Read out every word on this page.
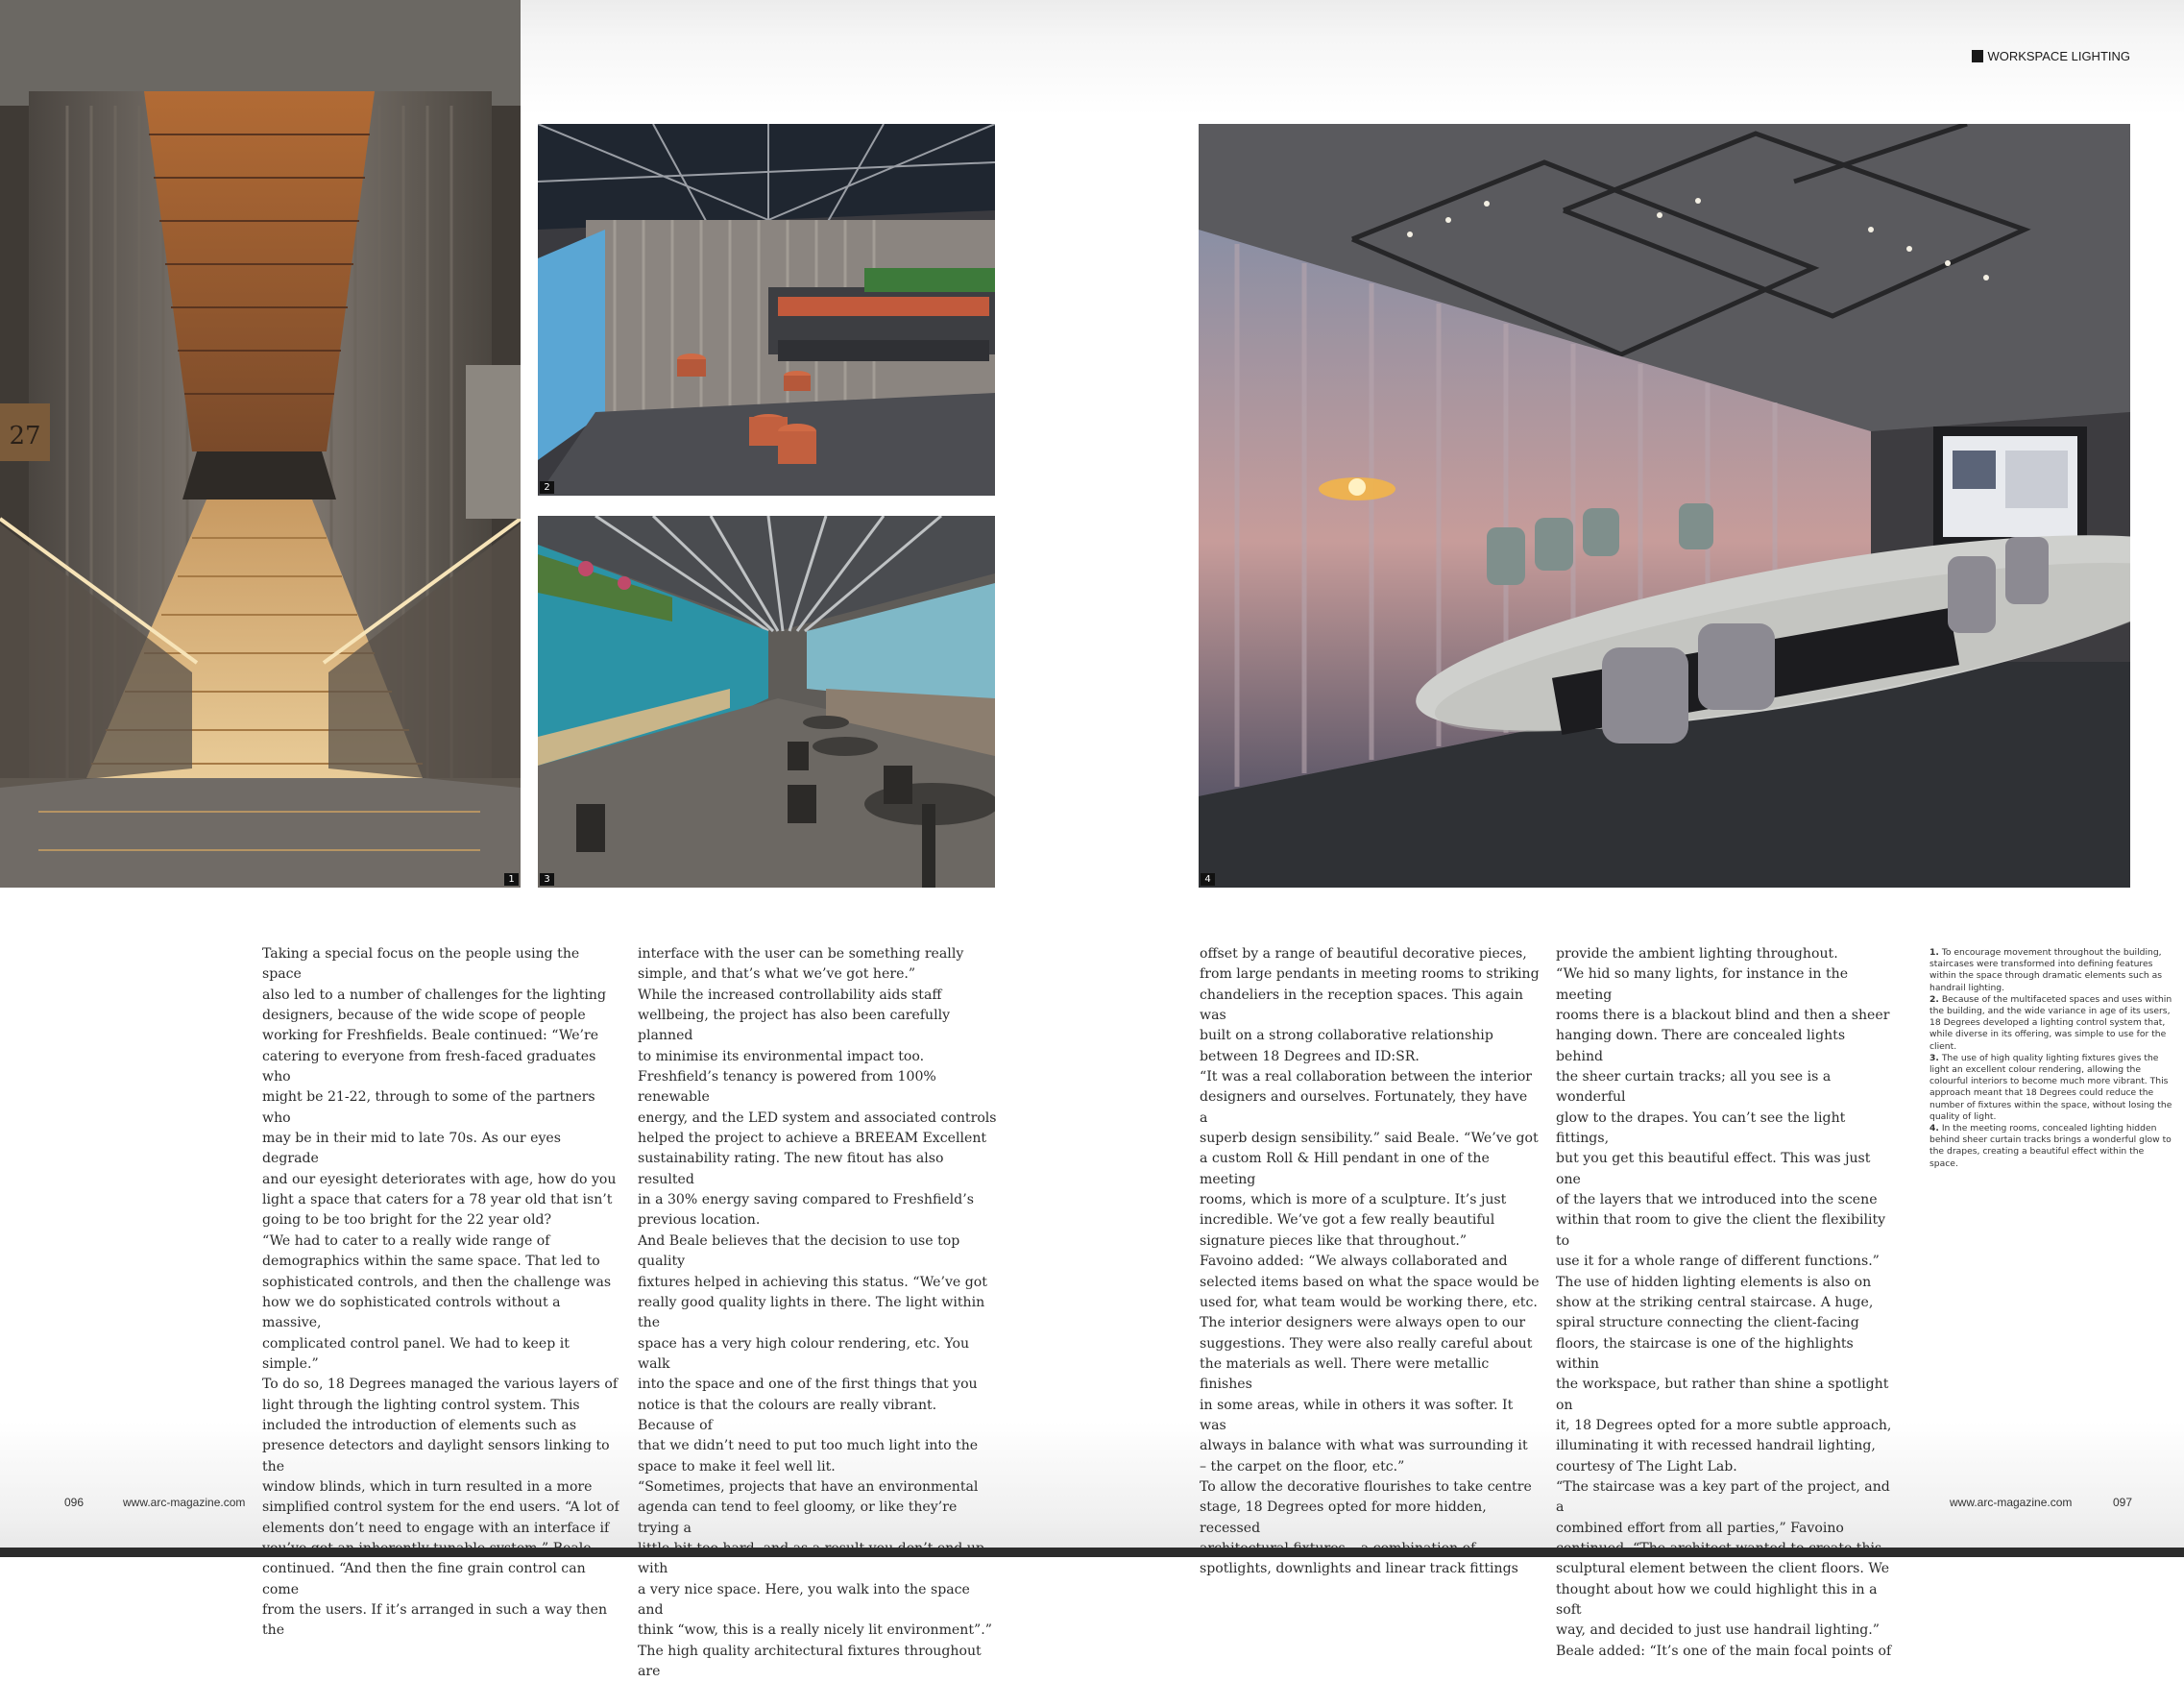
WORKSPACE LIGHTING
27
1
2
3	4

Taking a special focus on the people using the space

also led to a number of challenges for the lighting

designers, because of the wide scope of people

working for Freshfields. Beale continued: “We’re

catering to everyone from fresh-faced graduates who

might be 21-22, through to some of the partners who

may be in their mid to late 70s. As our eyes degrade

and our eyesight deteriorates with age, how do you

light a space that caters for a 78 year old that isn’t

going to be too bright for the 22 year old?

“We had to cater to a really wide range of

demographics within the same space. That led to

sophisticated controls, and then the challenge was

how we do sophisticated controls without a massive,

complicated control panel. We had to keep it simple.”

To do so, 18 Degrees managed the various layers of

light through the lighting control system. This

included the introduction of elements such as

presence detectors and daylight sensors linking to the

window blinds, which in turn resulted in a more

simplified control system for the end users. “A lot of

elements don’t need to engage with an interface if

continued. “And then the fine grain control can come

from the users. If it’s arranged in such a way then the

interface with the user can be something really

simple, and that’s what we’ve got here.”

While the increased controllability aids staff

wellbeing, the project has also been carefully planned

to minimise its environmental impact too.

Freshfield’s tenancy is powered from 100% renewable

energy, and the LED system and associated controls

helped the project to achieve a BREEAM Excellent

sustainability rating. The new fitout has also resulted

in a 30% energy saving compared to Freshfield’s

previous location.

And Beale believes that the decision to use top quality

fixtures helped in achieving this status. “We’ve got

really good quality lights in there. The light within the

space has a very high colour rendering, etc. You walk

into the space and one of the first things that you

notice is that the colours are really vibrant. Because of

that we didn’t need to put too much light into the

space to make it feel well lit.

“Sometimes, projects that have an environmental

agenda can tend to feel gloomy, or like they’re trying a

with

a very nice space. Here, you walk into the space and

think “wow, this is a really nicely lit environment”.”

The high quality architectural fixtures throughout are

offset by a range of beautiful decorative pieces,

from large pendants in meeting rooms to striking

chandeliers in the reception spaces. This again was

built on a strong collaborative relationship

between 18 Degrees and ID:SR.

“It was a real collaboration between the interior

designers and ourselves. Fortunately, they have a

superb design sensibility.” said Beale. “We’ve got

a custom Roll & Hill pendant in one of the meeting

rooms, which is more of a sculpture. It’s just

incredible. We’ve got a few really beautiful

signature pieces like that throughout.”

Favoino added: “We always collaborated and

selected items based on what the space would be

used for, what team would be working there, etc.

The interior designers were always open to our

suggestions. They were also really careful about

the materials as well. There were metallic finishes

in some areas, while in others it was softer. It was

always in balance with what was surrounding it

– the carpet on the floor, etc.”

To allow the decorative flourishes to take centre

stage, 18 Degrees opted for more hidden, recessed

spotlights, downlights and linear track fittings

provide the ambient lighting throughout.

“We hid so many lights, for instance in the meeting

rooms there is a blackout blind and then a sheer

hanging down. There are concealed lights behind

the sheer curtain tracks; all you see is a wonderful

glow to the drapes. You can’t see the light fittings,

but you get this beautiful effect. This was just one

of the layers that we introduced into the scene

within that room to give the client the flexibility to

use it for a whole range of different functions.”

The use of hidden lighting elements is also on

show at the striking central staircase. A huge,

spiral structure connecting the client-facing

floors, the staircase is one of the highlights within

the workspace, but rather than shine a spotlight on

it, 18 Degrees opted for a more subtle approach,

illuminating it with recessed handrail lighting,

courtesy of The Light Lab.

“The staircase was a key part of the project, and a

combined effort from all parties,” Favoino

sculptural element between the client floors. We

thought about how we could highlight this in a soft

way, and decided to just use handrail lighting.”

Beale added: “It’s one of the main focal points of

1. To encourage movement throughout the building, staircases were transformed into defining features within the space through dramatic elements such as handrail lighting.

2. Because of the multifaceted spaces and uses within the building, and the wide variance in age of its users, 18 Degrees developed a lighting control system that, while diverse in its offering, was simple to use for the client.

3. The use of high quality lighting fixtures gives the light an excellent colour rendering, allowing the colourful interiors to become much more vibrant. This approach meant that 18 Degrees could reduce the number of fixtures within the space, without losing the quality of light.

4. In the meeting rooms, concealed lighting hidden behind sheer curtain tracks brings a wonderful glow to the drapes, creating a beautiful effect within the space.

096	www.arc-magazine.com	www.arc-magazine.com	097
